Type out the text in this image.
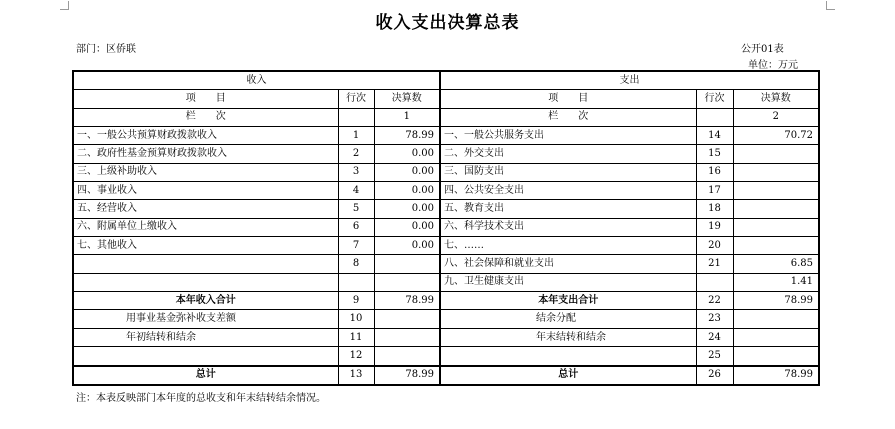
收入支出决算总表
部门：区侨联	公开01表
单位：万元
收入			支出		
项　　目	行次	决算数	项　　目	行次	决算数
栏　　次		1	栏　　次		2
一、一般公共预算财政拨款收入	1	78.99	一、一般公共服务支出	14	70.72
二、政府性基金预算财政拨款收入	2	0.00	二、外交支出	15	
三、上级补助收入	3	0.00	三、国防支出	16	
四、事业收入	4	0.00	四、公共安全支出	17	
五、经营收入	5	0.00	五、教育支出	18	
六、附属单位上缴收入	6	0.00	六、科学技术支出	19	
七、其他收入	7	0.00	七、……	20	
	8		八、社会保障和就业支出	21	6.85
			九、卫生健康支出		1.41
本年收入合计	9	78.99	本年支出合计	22	78.99
用事业基金弥补收支差额	10		结余分配	23	
年初结转和结余	11		年末结转和结余	24	
	12			25	
总计	13	78.99	总计	26	78.99
注：本表反映部门本年度的总收支和年末结转结余情况。
